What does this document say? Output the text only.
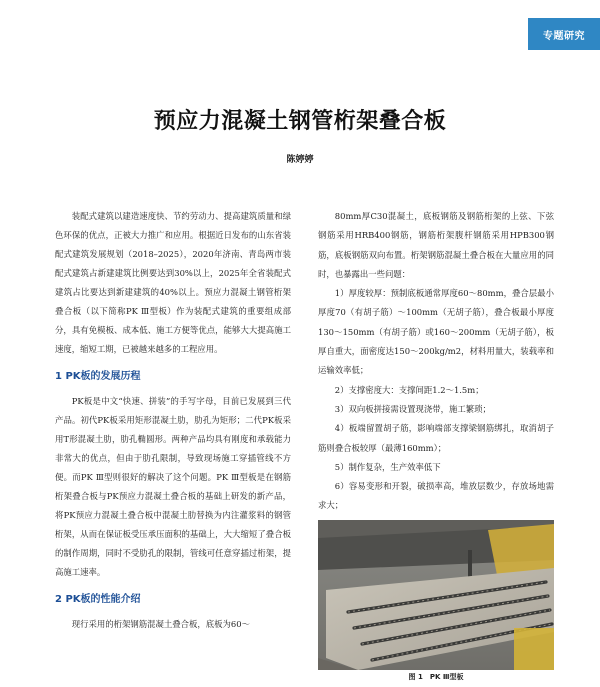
专题研究
预应力混凝土钢管桁架叠合板
陈婷婷

装配式建筑以建造速度快、节约劳动力、提高建筑质量和绿色环保的优点，正被大力推广和应用。根据近日发布的山东省装配式建筑发展规划（2018–2025），2020年济南、青岛两市装配式建筑占新建建筑比例要达到30%以上，2025年全省装配式建筑占比要达到新建建筑的40%以上。预应力混凝土钢管桁架叠合板（以下简称PK Ⅲ型板）作为装配式建筑的重要组成部分，具有免模板、成本低、施工方便等优点，能够大大提高施工速度，缩短工期，已被越来越多的工程应用。

1 PK板的发展历程

PK板是中文“快速、拼装”的手写字母，目前已发展到三代产品。初代PK板采用矩形混凝土肋，肋孔为矩形；二代PK板采用T形混凝土肋，肋孔椭圆形。两种产品均具有刚度和承载能力非常大的优点，但由于肋孔限制，导致现场施工穿插管线不方便。而PK Ⅲ型则很好的解决了这个问题。PK Ⅲ型板是在钢筋桁架叠合板与PK预应力混凝土叠合板的基础上研发的新产品，将PK预应力混凝土叠合板中混凝土肋替换为内注灌浆料的钢管桁架，从而在保证板受压承压面积的基础上，大大缩短了叠合板的制作周期，同时不受肋孔的限制，管线可任意穿插过桁架，提高施工速率。

2 PK板的性能介绍

现行采用的桁架钢筋混凝土叠合板，底板为60～

80mm厚C30混凝土，底板钢筋及钢筋桁架的上弦、下弦钢筋采用HRB400钢筋，钢筋桁架腹杆钢筋采用HPB300钢筋，底板钢筋双向布置。桁架钢筋混凝土叠合板在大量应用的同时，也暴露出一些问题：

1）厚度较厚：预制底板通常厚度60～80mm，叠合层最小厚度70（有胡子筋）～100mm（无胡子筋），叠合板最小厚度130～150mm（有胡子筋）或160～200mm（无胡子筋），板厚自重大，面密度达150～200kg/m2，材料用量大，装载率和运输效率低；

2）支撑密度大：支撑间距1.2～1.5m；

3）双向板拼接需设置现浇带，施工繁琐；

4）板端留置胡子筋，影响端部支撑梁钢筋绑扎，取消胡子筋则叠合板较厚（最薄160mm）；

5）制作复杂，生产效率低下

6）容易变形和开裂，破损率高，堆放层数少，存放场地需求大；

图 1　PK Ⅲ型板
